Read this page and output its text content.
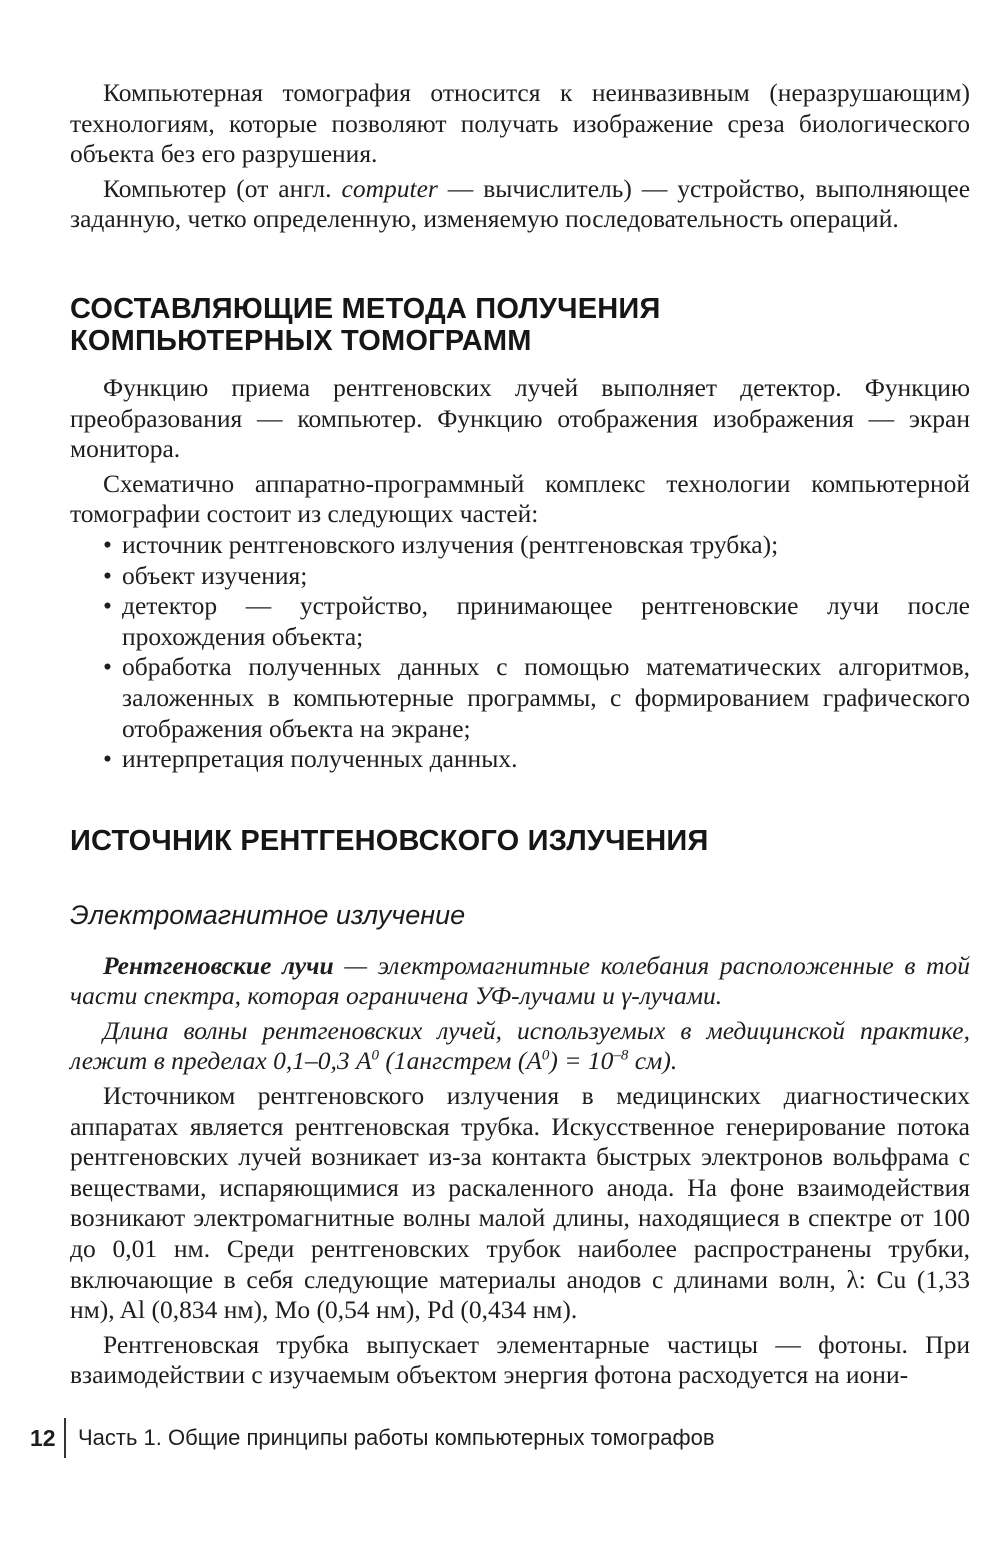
Компьютерная томография относится к неинвазивным (неразрушающим) технологиям, которые позволяют получать изображение среза биологического объекта без его разрушения.

Компьютер (от англ. computer — вычислитель) — устройство, выполняющее заданную, четко определенную, изменяемую последовательность операций.

СОСТАВЛЯЮЩИЕ МЕТОДА ПОЛУЧЕНИЯ
КОМПЬЮТЕРНЫХ ТОМОГРАММ

Функцию приема рентгеновских лучей выполняет детектор. Функцию преобразования — компьютер. Функцию отображения изображения — экран монитора.

Схематично аппаратно-программный комплекс технологии компьютерной томографии состоит из следующих частей:

• источник рентгеновского излучения (рентгеновская трубка);
• объект изучения;
• детектор — устройство, принимающее рентгеновские лучи после прохождения объекта;
• обработка полученных данных с помощью математических алгоритмов, заложенных в компьютерные программы, с формированием графического отображения объекта на экране;
• интерпретация полученных данных.
ИСТОЧНИК РЕНТГЕНОВСКОГО ИЗЛУЧЕНИЯ
Электромагнитное излучение

Рентгеновские лучи — электромагнитные колебания расположенные в той части спектра, которая ограничена УФ-лучами и γ-лучами.

Длина волны рентгеновских лучей, используемых в медицинской практике, лежит в пределах 0,1–0,3 $А^0$ (1ангстрем $(А^0) = 10^{-8}$ см).

Источником рентгеновского излучения в медицинских диагностических аппаратах является рентгеновская трубка. Искусственное генерирование потока рентгеновских лучей возникает из-за контакта быстрых электронов вольфрама с веществами, испаряющимися из раскаленного анода. На фоне взаимодействия возникают электромагнитные волны малой длины, находящиеся в спектре от 100 до 0,01 нм. Среди рентгеновских трубок наиболее распространены трубки, включающие в себя следующие материалы анодов с длинами волн, λ: Cu (1,33 нм), Al (0,834 нм), Mo (0,54 нм), Pd (0,434 нм).

Рентгеновская трубка выпускает элементарные частицы — фотоны. При взаимодействии с изучаемым объектом энергия фотона расходуется на иони-

12 Часть 1. Общие принципы работы компьютерных томографов
